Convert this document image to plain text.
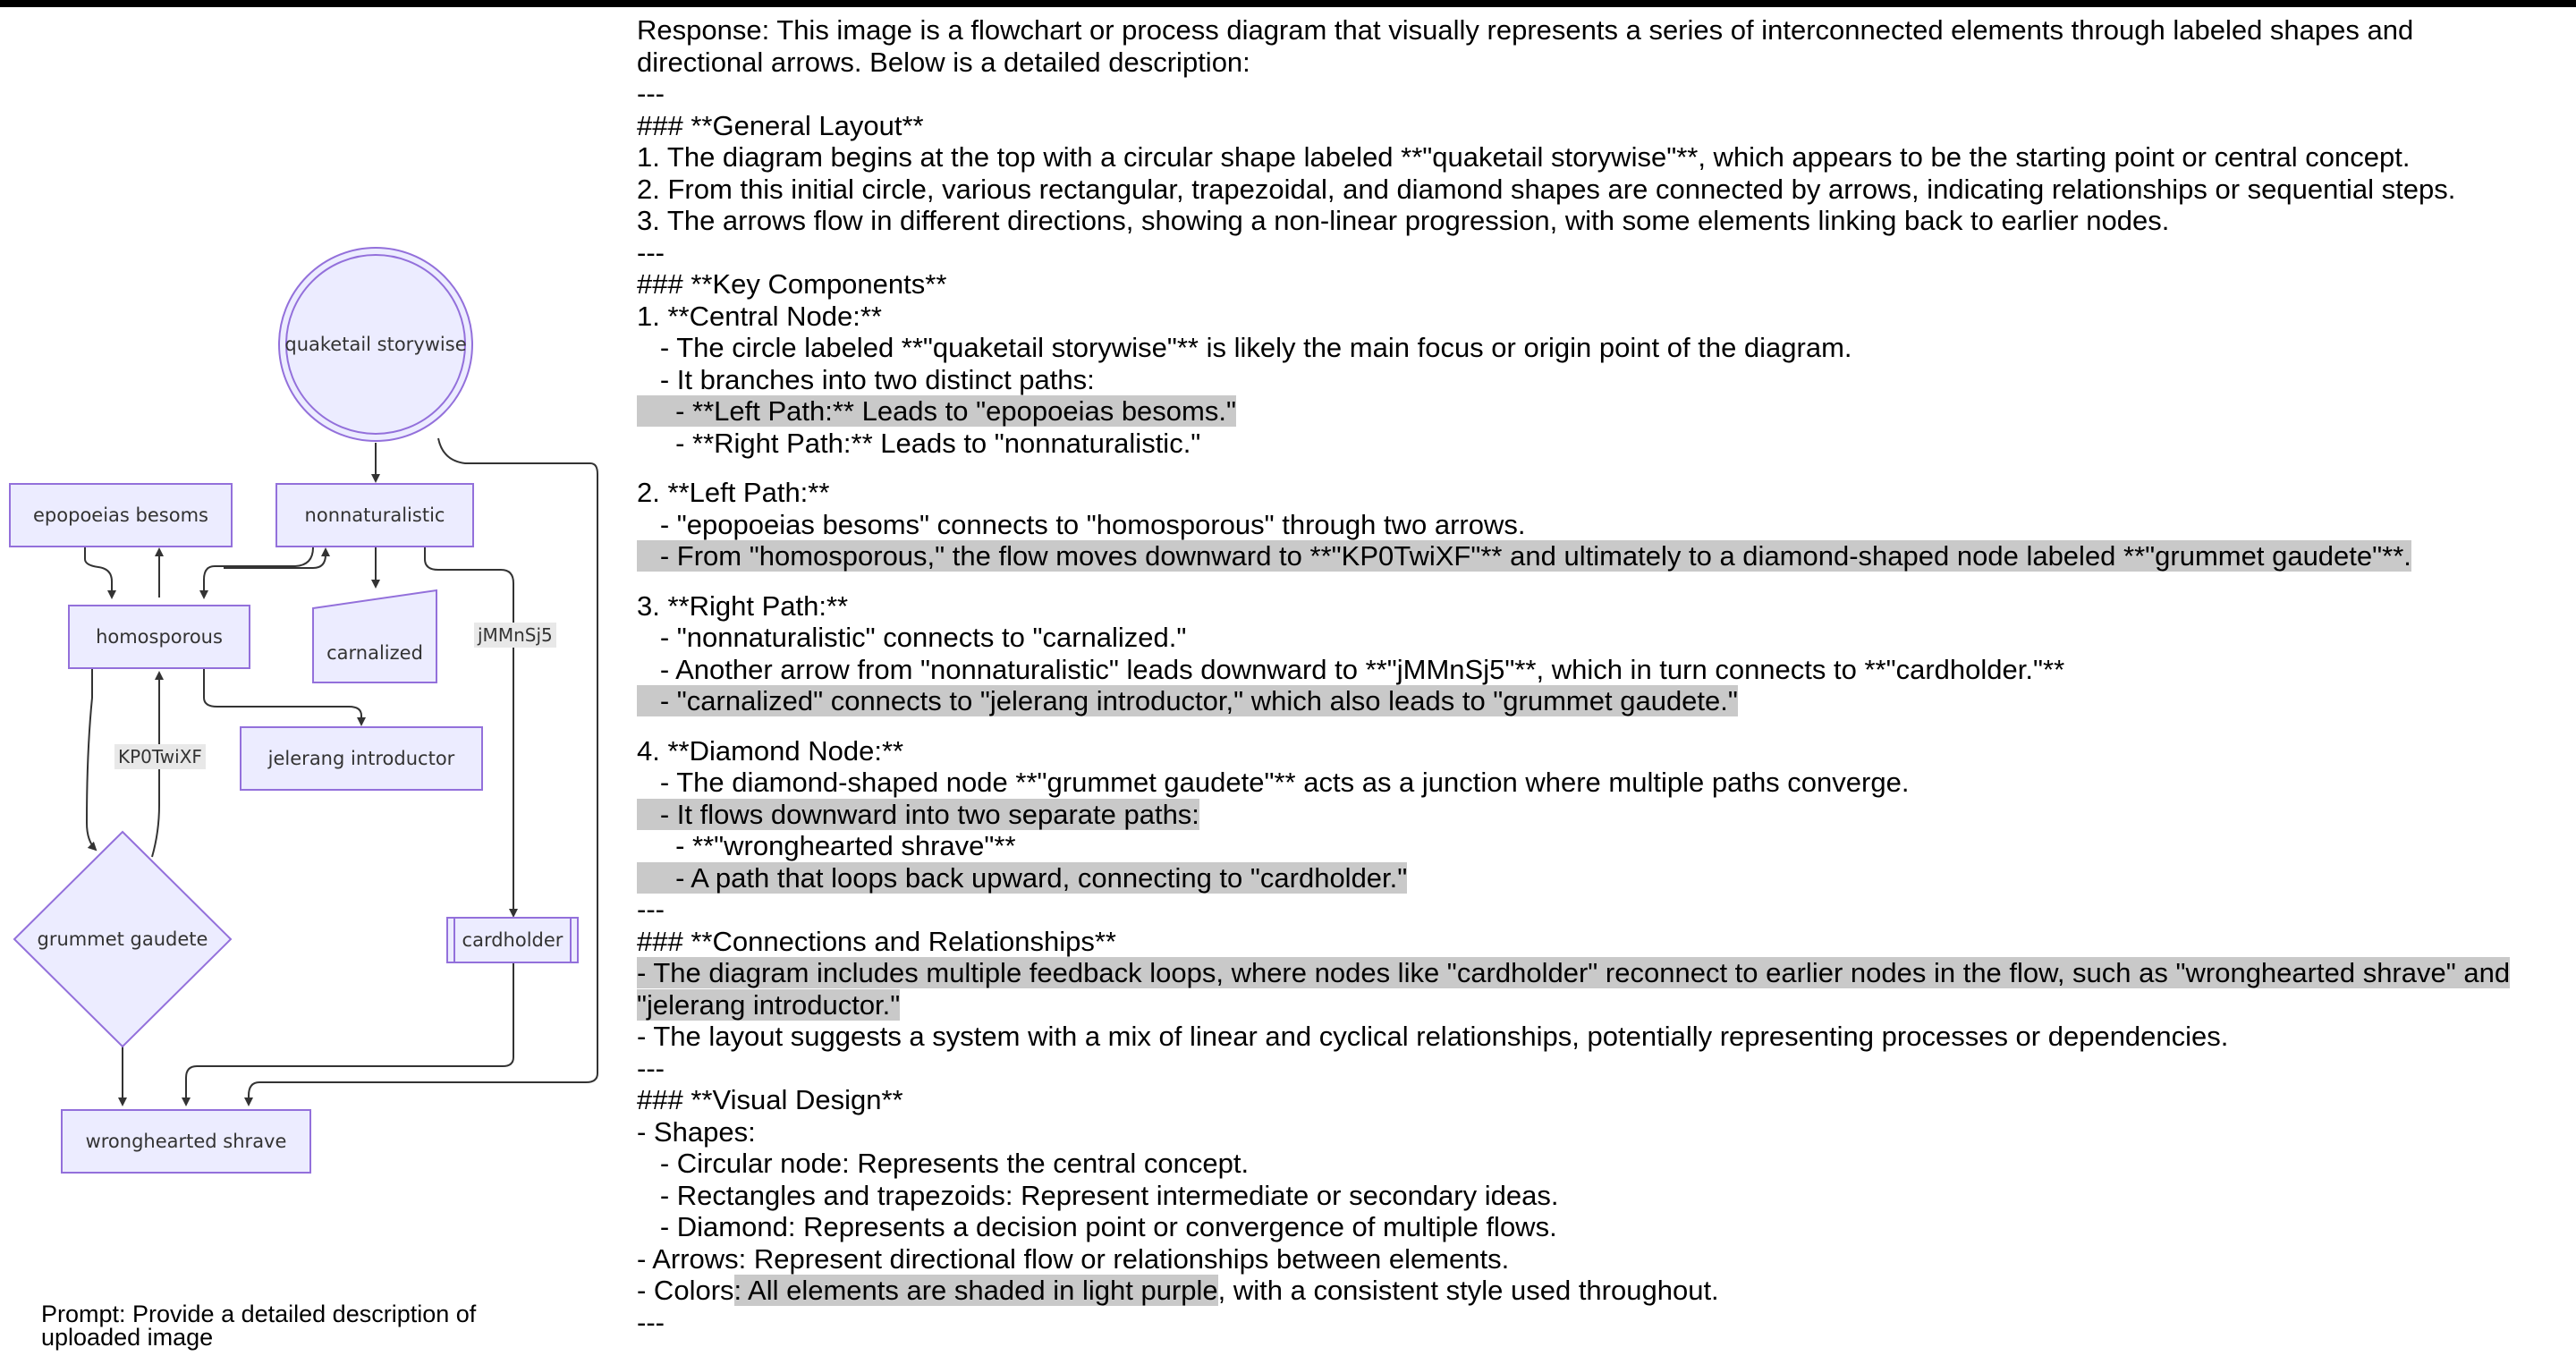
quaketail storywise
carnalized
grummet gaudete	cardholder
epopoeias besoms	nonnaturalistic
homosporous
jelerang introductor
wronghearted shrave
KP0TwiXF
jMMnSj5
Response: This image is a flowchart or process diagram that visually represents a series of interconnected elements through labeled shapes and
directional arrows. Below is a detailed description:
---
### **General Layout**
1. The diagram begins at the top with a circular shape labeled **"quaketail storywise"**, which appears to be the starting point or central concept.
2. From this initial circle, various rectangular, trapezoidal, and diamond shapes are connected by arrows, indicating relationships or sequential steps.
3. The arrows flow in different directions, showing a non-linear progression, with some elements linking back to earlier nodes.
---
### **Key Components**
1. **Central Node:**
- The circle labeled **"quaketail storywise"** is likely the main focus or origin point of the diagram.
- It branches into two distinct paths:
- **Left Path:** Leads to "epopoeias besoms."
- **Right Path:** Leads to "nonnaturalistic."
2. **Left Path:**
- "epopoeias besoms" connects to "homosporous" through two arrows.
- From "homosporous," the flow moves downward to **"KP0TwiXF"** and ultimately to a diamond-shaped node labeled **"grummet gaudete"**.
3. **Right Path:**
- "nonnaturalistic" connects to "carnalized."
- Another arrow from "nonnaturalistic" leads downward to **"jMMnSj5"**, which in turn connects to **"cardholder."**
- "carnalized" connects to "jelerang introductor," which also leads to "grummet gaudete."
4. **Diamond Node:**
- The diamond-shaped node **"grummet gaudete"** acts as a junction where multiple paths converge.
- It flows downward into two separate paths:
- **"wronghearted shrave"**
- A path that loops back upward, connecting to "cardholder."
---
### **Connections and Relationships**
- The diagram includes multiple feedback loops, where nodes like "cardholder" reconnect to earlier nodes in the flow, such as "wronghearted shrave" and
"jelerang introductor."
- The layout suggests a system with a mix of linear and cyclical relationships, potentially representing processes or dependencies.
---
### **Visual Design**
- Shapes:
- Circular node: Represents the central concept.
- Rectangles and trapezoids: Represent intermediate or secondary ideas.
- Diamond: Represents a decision point or convergence of multiple flows.
- Arrows: Represent directional flow or relationships between elements.
- Colors: All elements are shaded in light purple, with a consistent style used throughout.
---
Prompt: Provide a detailed description of
uploaded image
